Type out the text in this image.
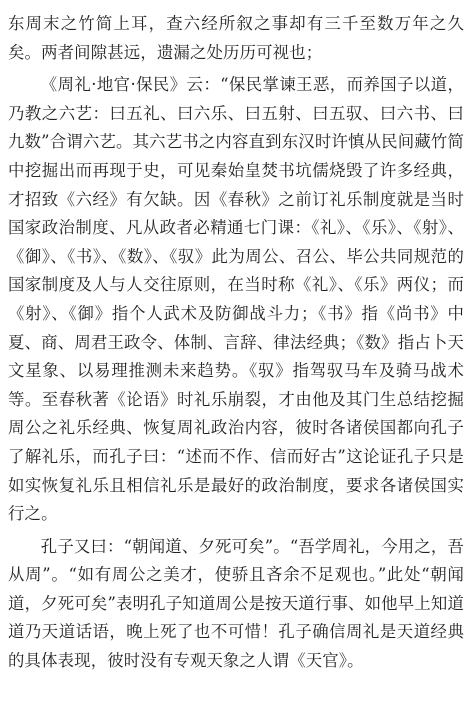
东周末之竹简上耳，查六经所叙之事却有三千至数万年之久矣。两者间隙甚远，遗漏之处历历可视也；

《周礼·地官·保民》云：“保民掌谏王恶，而养国子以道，乃教之六艺：曰五礼、曰六乐、曰五射、曰五驭、曰六书、曰九数”合谓六艺。其六艺书之内容直到东汉时许慎从民间藏竹简中挖掘出而再现于史，可见秦始皇焚书坑儒烧毁了许多经典，才招致《六经》有欠缺。因《春秋》之前订礼乐制度就是当时国家政治制度、凡从政者必精通七门课：《礼》、《乐》、《射》、《御》、《书》、《数》、《驭》此为周公、召公、毕公共同规范的国家制度及人与人交往原则，在当时称《礼》、《乐》两仪；而《射》、《御》指个人武术及防御战斗力；《书》指《尚书》中夏、商、周君王政令、体制、言辞、律法经典；《数》指占卜天文星象、以易理推测未来趋势。《驭》指驾驭马车及骑马战术等。至春秋著《论语》时礼乐崩裂，才由他及其门生总结挖掘周公之礼乐经典、恢复周礼政治内容，彼时各诸侯国都向孔子了解礼乐，而孔子曰：“述而不作、信而好古”这论证孔子只是如实恢复礼乐且相信礼乐是最好的政治制度，要求各诸侯国实行之。

孔子又曰：“朝闻道、夕死可矣”。“吾学周礼，今用之，吾从周”。“如有周公之美才，使骄且吝余不足观也。”此处“朝闻道，夕死可矣”表明孔子知道周公是按天道行事、如他早上知道道乃天道话语，晚上死了也不可惜！孔子确信周礼是天道经典的具体表现，彼时没有专观天象之人谓《天官》。
